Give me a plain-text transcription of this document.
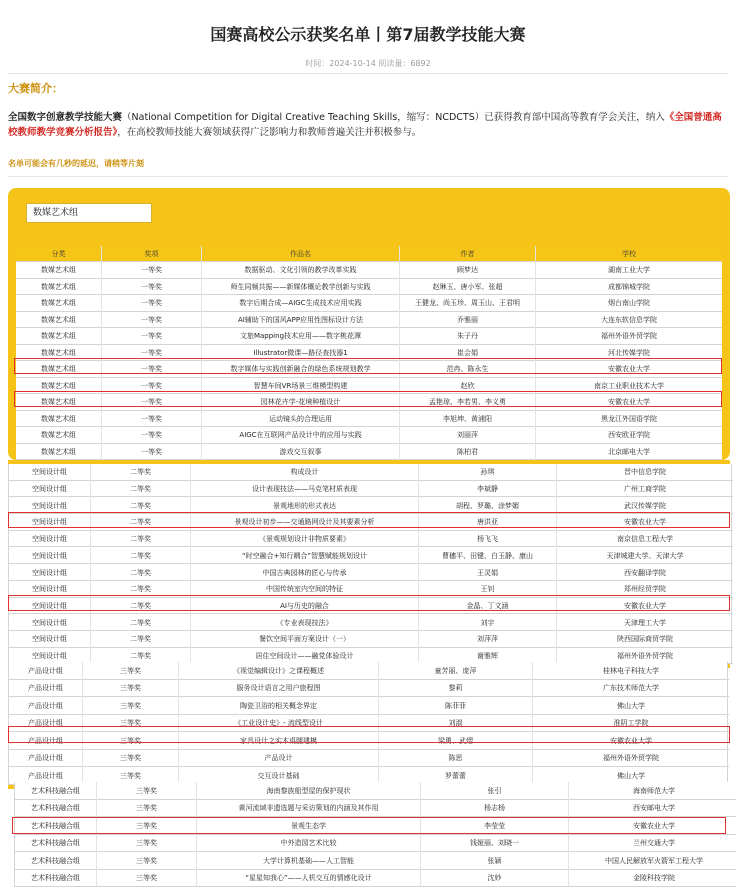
国赛高校公示获奖名单丨第7届教学技能大赛
时间：2024-10-14 阅读量：6892
大赛简介：
全国数字创意教学技能大赛（National Competition for Digital Creative Teaching Skills，缩写：NCDCTS）已获得教育部中国高等教育学会关注，纳入《全国普通高校教师教学竞赛分析报告》，在高校教师技能大赛领域获得广泛影响力和教师普遍关注并积极参与。
名单可能会有几秒的延迟，请稍等片刻
数媒艺术组
分类	奖项	作品名	作者	学校
数媒艺术组	一等奖	数据驱动、文化引领的教学改革实践	顾梦达	湖南工业大学
数媒艺术组	一等奖	师生同频共振——新媒体概论教学创新与实践	赵琳玉、唐小军、张超	成都锦城学院
数媒艺术组	一等奖	数字后期合成—AIGC生成技术应用实践	王健龙、尚玉珍、周玉山、王君明	烟台南山学院
数媒艺术组	一等奖	AI辅助下的国风APP应用性图标设计方法	乔雅丽	大连东软信息学院
数媒艺术组	一等奖	文旅Mapping技术应用——数字桃花潭	朱子丹	福州外语外贸学院
数媒艺术组	一等奖	Illustrator微课—路径查找器1	崔会娟	河北传媒学院
数媒艺术组	一等奖	数字媒体与实践创新融合的绿色系统规划教学	范冉、陈永生	安徽农业大学
数媒艺术组	一等奖	智慧车间VR场景三维模型构建	赵欣	南京工业职业技术大学
数媒艺术组	一等奖	园林花卉学-花境种植设计	孟艳琼、李若男、李义勇	安徽农业大学
数媒艺术组	一等奖	运动镜头的合理运用	李旭坤、黄浦阳	黑龙江外国语学院
数媒艺术组	一等奖	AIGC在互联网产品设计中的应用与实践	刘丽萍	西安欧亚学院
数媒艺术组	一等奖	游戏交互叙事	陈柏君	北京邮电大学
空间设计组	二等奖	构成设计	孙琪	晋中信息学院
空间设计组	二等奖	设计表现技法——马克笔材质表现	李斌静	广州工商学院
空间设计组	二等奖	景观地形的形式表达	胡程、罗璐、涂梦媚	武汉传媒学院
空间设计组	二等奖	景观设计初步——交通路网设计及其要素分析	唐洪亚	安徽农业大学
空间设计组	二等奖	《景观规划设计非物质要素》	杨飞飞	南京信息工程大学
空间设计组	二等奖	“时空融合+知行耦合”智慧赋能规划设计	曹穗平、田键、白玉静、康山	天津城建大学、天津大学
空间设计组	二等奖	中国古典园林的匠心与传承	王灵娟	西安翻译学院
空间设计组	二等奖	中国传统室内空间的特征	王钊	郑州经贸学院
空间设计组	二等奖	AI与历史的融合	金晶、丁文涵	安徽农业大学
空间设计组	二等奖	《专业表现技法》	刘宇	天津理工大学
空间设计组	二等奖	餐饮空间平面方案设计（一）	刘萍萍	陕西国际商贸学院
空间设计组	二等奖	居住空间设计——融党体验设计	谢雅辉	福州外语外贸学院
产品设计组	三等奖	《视觉编辑设计》之课程概述	童芳丽、庞萍	桂林电子科技大学
产品设计组	三等奖	服务设计语言之用户旅程图	黎莉	广东技术师范大学
产品设计组	三等奖	陶瓷卫浴的相关概念界定	陈菲菲	佛山大学
产品设计组	三等奖	《工业设计史》- 流线型设计	刘淑	淮阴工学院
产品设计组	三等奖	家具设计之实木桌腿建模	梁勇、武熠	安徽农业大学
产品设计组	三等奖	产品设计	陈思	福州外语外贸学院
产品设计组	三等奖	交互设计基础	罗蕾蕾	佛山大学
艺术科技融合组	三等奖	海南黎族船型屋的保护现状	张引	海南师范大学
艺术科技融合组	三等奖	黄河流域非遗选题与采访策划的内涵及其作用	杨志杨	西安邮电大学
艺术科技融合组	三等奖	景观生态学	李莹莹	安徽农业大学
艺术科技融合组	三等奖	中外造园艺术比较	钱娅丽、刘晓一	兰州交通大学
艺术科技融合组	三等奖	大学计算机基础——人工智能	张颖	中国人民解放军火箭军工程大学
艺术科技融合组	三等奖	“星星知我心”——人机交互的情感化设计	沈妙	金陵科技学院
